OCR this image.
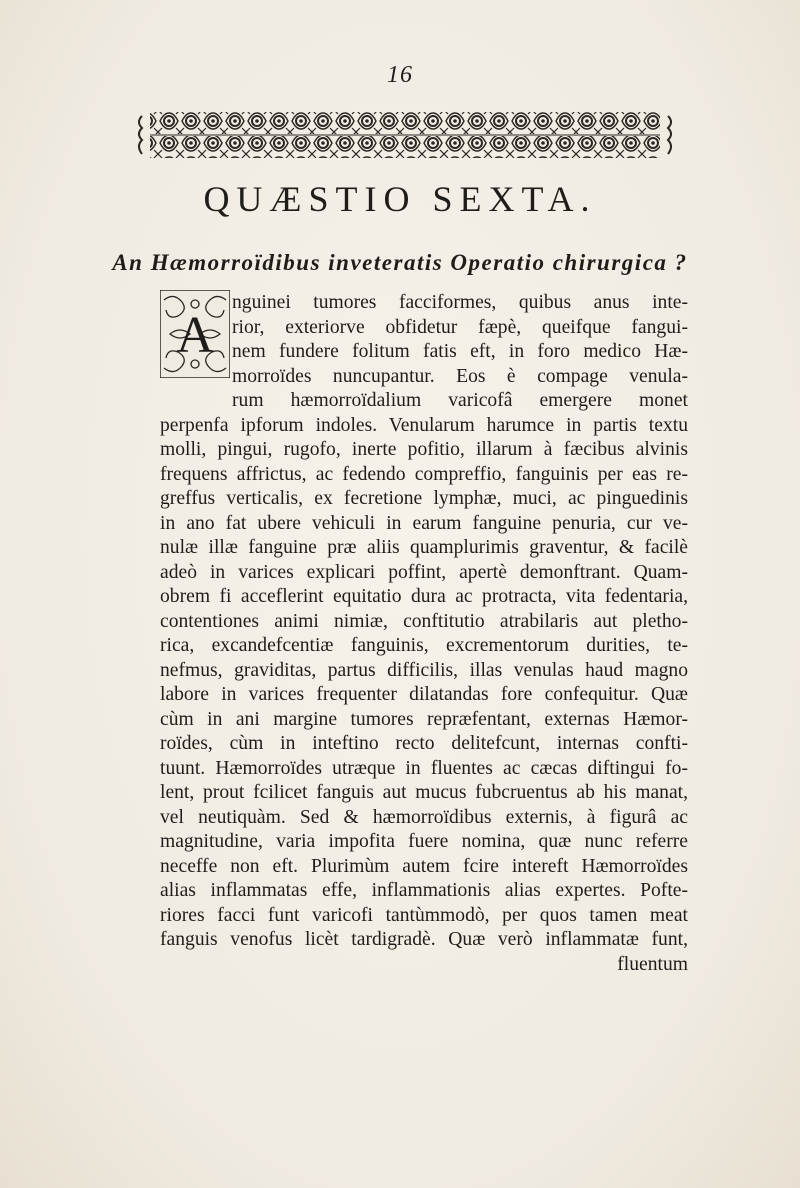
16
QUÆSTIO SEXTA.
An Hæmorroïdibus inveteratis Operatio chirurgica ?
A
nguinei tumores facciformes, quibus anus inte-
rior, exteriorve obfidetur fæpè, queifque fangui-
nem fundere folitum fatis eft, in foro medico Hæ-
morroïdes nuncupantur. Eos è compage venula-
rum hæmorroïdalium varicofâ emergere monet
perpenfa ipforum indoles. Venularum harumce in partis textu
molli, pingui, rugofo, inerte pofitio, illarum à fæcibus alvinis
frequens affrictus, ac fedendo compreffio, fanguinis per eas re-
greffus verticalis, ex fecretione lymphæ, muci, ac pinguedinis
in ano fat ubere vehiculi in earum fanguine penuria, cur ve-
nulæ illæ fanguine præ aliis quamplurimis graventur, & facilè
adeò in varices explicari poffint, apertè demonftrant. Quam-
obrem fi acceflerint equitatio dura ac protracta, vita fedentaria,
contentiones animi nimiæ, conftitutio atrabilaris aut pletho-
rica, excandefcentiæ fanguinis, excrementorum durities, te-
nefmus, graviditas, partus difficilis, illas venulas haud magno
labore in varices frequenter dilatandas fore confequitur. Quæ
cùm in ani margine tumores repræfentant, externas Hæmor-
roïdes, cùm in inteftino recto delitefcunt, internas confti-
tuunt. Hæmorroïdes utræque in fluentes ac cæcas diftingui fo-
lent, prout fcilicet fanguis aut mucus fubcruentus ab his manat,
vel neutiquàm. Sed & hæmorroïdibus externis, à figurâ ac
magnitudine, varia impofita fuere nomina, quæ nunc referre
neceffe non eft. Plurimùm autem fcire intereft Hæmorroïdes
alias inflammatas effe, inflammationis alias expertes. Pofte-
riores facci funt varicofi tantùmmodò, per quos tamen meat
fanguis venofus licèt tardigradè. Quæ verò inflammatæ funt,
fluentum
